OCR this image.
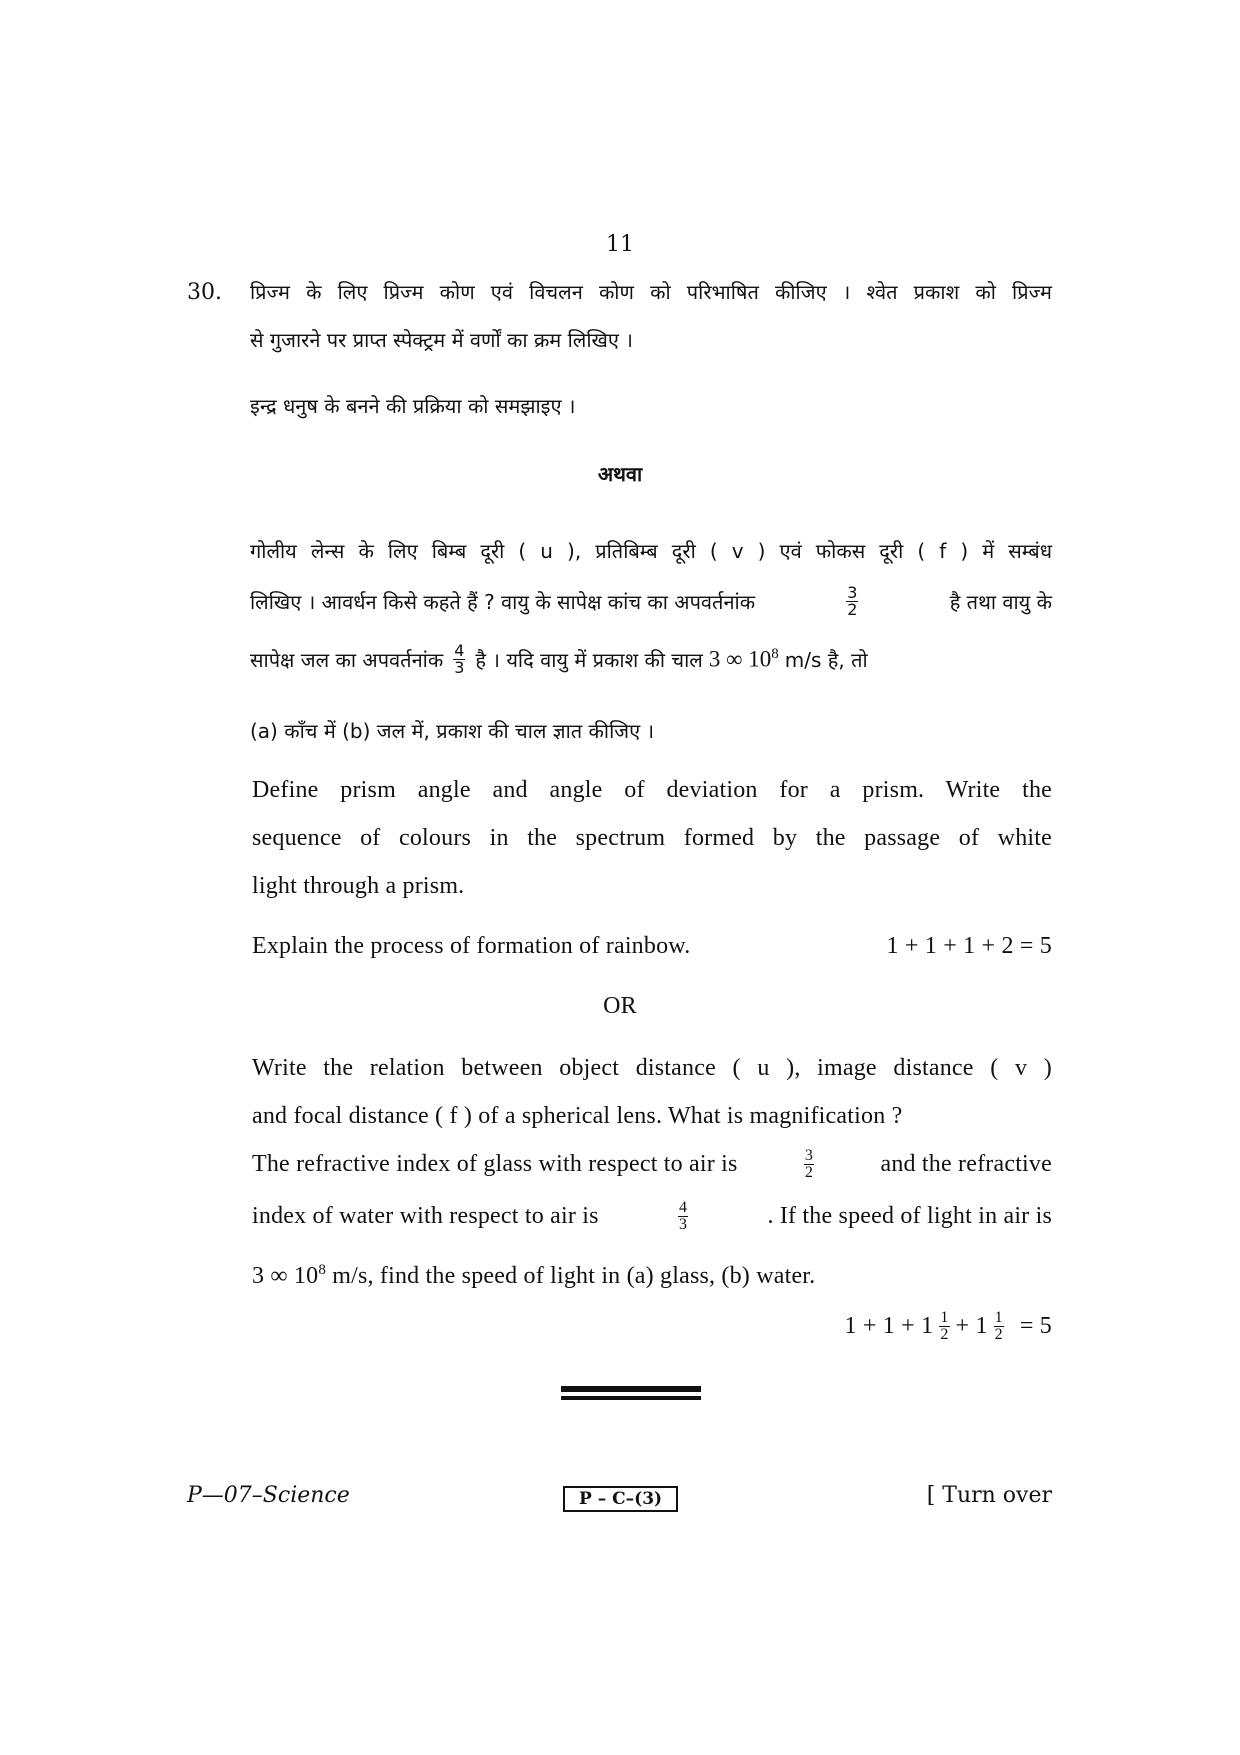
11
30. प्रिज्म के लिए प्रिज्म कोण एवं विचलन कोण को परिभाषित कीजिए । श्वेत प्रकाश को प्रिज्म
से गुजारने पर प्राप्त स्पेक्ट्रम में वर्णों का क्रम लिखिए ।
इन्द्र धनुष के बनने की प्रक्रिया को समझाइए ।
अथवा
गोलीय लेन्स के लिए बिम्ब दूरी ( u ), प्रतिबिम्ब दूरी ( v ) एवं फोकस दूरी ( f ) में सम्बंध
लिखिए । आवर्धन किसे कहते हैं ? वायु के सापेक्ष कांच का अपवर्तनांक	$\frac{3}{2}$	है तथा वायु के
सापेक्ष जल का अपवर्तनांक $\frac{4}{3}$ है । यदि वायु में प्रकाश की चाल 3 ∞ $10^8$ m/s है, तो
(a) काँच में (b) जल में, प्रकाश की चाल ज्ञात कीजिए ।
Define prism angle and angle of deviation for a prism. Write the
sequence of colours in the spectrum formed by the passage of white
light through a prism.
Explain the process of formation of rainbow.	1 + 1 + 1 + 2 = 5
OR
Write the relation between object distance ( u ), image distance ( v )
and focal distance ( f ) of a spherical lens. What is magnification ?
The refractive index of glass with respect to air is	$\frac{3}{2}$	and the refractive
index of water with respect to air is	$\frac{4}{3}$	. If the speed of light in air is
3 ∞ $10^8$ m/s, find the speed of light in (a) glass, (b) water.
$1 + 1 + 1 \frac{1}{2} + 1 \frac{1}{2} = 5$
P—07–Science	P – C–(3)	[ Turn over
